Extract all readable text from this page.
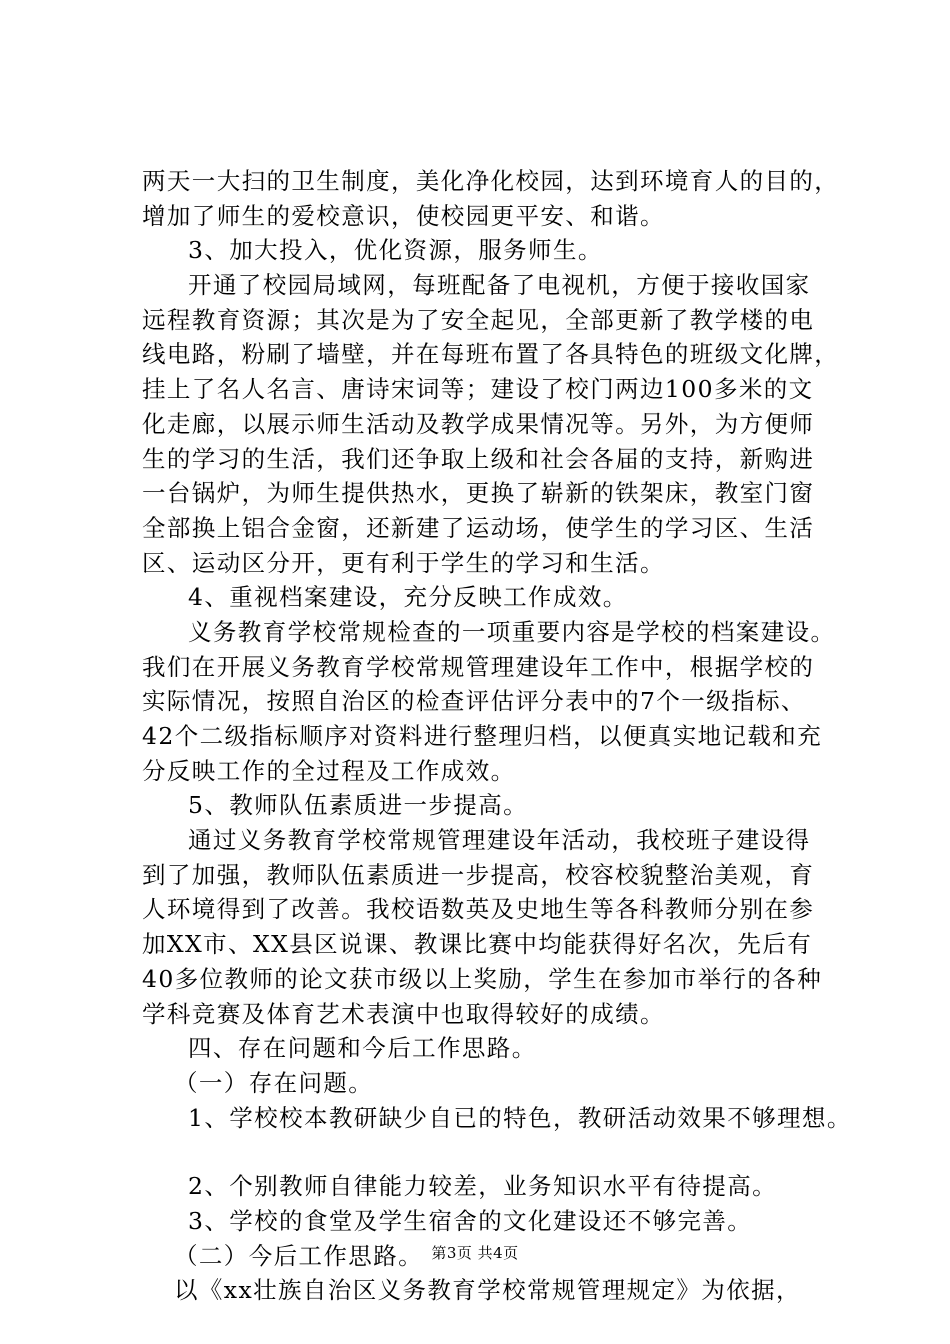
两天一大扫的卫生制度，美化净化校园，达到环境育人的目的，
增加了师生的爱校意识，使校园更平安、和谐。
3、加大投入，优化资源，服务师生。
开通了校园局域网，每班配备了电视机，方便于接收国家
远程教育资源；其次是为了安全起见，全部更新了教学楼的电
线电路，粉刷了墙壁，并在每班布置了各具特色的班级文化牌，
挂上了名人名言、唐诗宋词等；建设了校门两边100多米的文
化走廊，以展示师生活动及教学成果情况等。另外，为方便师
生的学习的生活，我们还争取上级和社会各届的支持，新购进
一台锅炉，为师生提供热水，更换了崭新的铁架床，教室门窗
全部换上铝合金窗，还新建了运动场，使学生的学习区、生活
区、运动区分开，更有利于学生的学习和生活。
4、重视档案建设，充分反映工作成效。
义务教育学校常规检查的一项重要内容是学校的档案建设。
我们在开展义务教育学校常规管理建设年工作中，根据学校的
实际情况，按照自治区的检查评估评分表中的7个一级指标、
42个二级指标顺序对资料进行整理归档，以便真实地记载和充
分反映工作的全过程及工作成效。
5、教师队伍素质进一步提高。
通过义务教育学校常规管理建设年活动，我校班子建设得
到了加强，教师队伍素质进一步提高，校容校貌整治美观，育
人环境得到了改善。我校语数英及史地生等各科教师分别在参
加XX市、XX县区说课、教课比赛中均能获得好名次，先后有
40多位教师的论文获市级以上奖励，学生在参加市举行的各种
学科竞赛及体育艺术表演中也取得较好的成绩。
四、存在问题和今后工作思路。
（一）存在问题。
1、学校校本教研缺少自已的特色，教研活动效果不够理想。
2、个别教师自律能力较差，业务知识水平有待提高。
3、学校的食堂及学生宿舍的文化建设还不够完善。
（二）今后工作思路。
以《xx壮族自治区义务教育学校常规管理规定》为依据，
第3页 共4页
